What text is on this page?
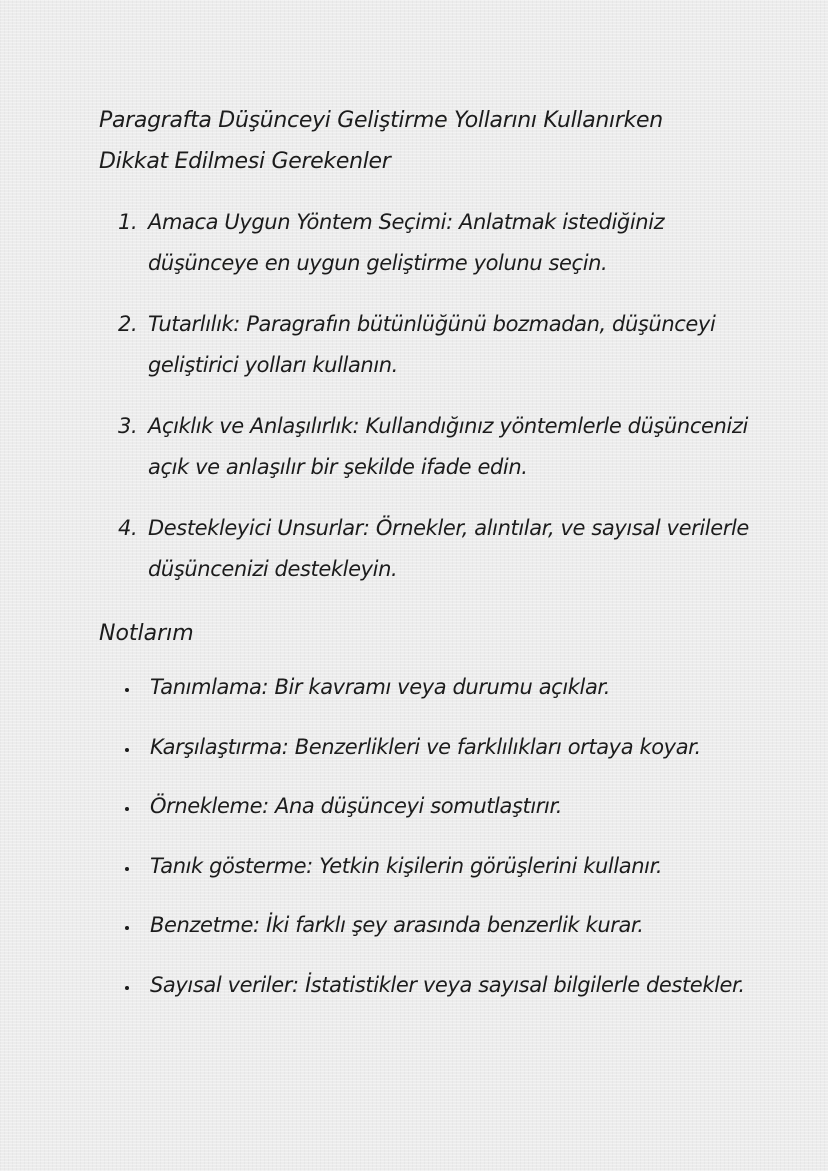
Paragrafta Düşünceyi Geliştirme Yollarını Kullanırken
Dikkat Edilmesi Gerekenler
1. Amaca Uygun Yöntem Seçimi: Anlatmak istediğiniz düşünceye en uygun geliştirme yolunu seçin.
2. Tutarlılık: Paragrafın bütünlüğünü bozmadan, düşünceyi geliştirici yolları kullanın.
3. Açıklık ve Anlaşılırlık: Kullandığınız yöntemlerle düşüncenizi açık ve anlaşılır bir şekilde ifade edin.
4. Destekleyici Unsurlar: Örnekler, alıntılar, ve sayısal verilerle düşüncenizi destekleyin.
Notlarım
Tanımlama: Bir kavramı veya durumu açıklar.
Karşılaştırma: Benzerlikleri ve farklılıkları ortaya koyar.
Örnekleme: Ana düşünceyi somutlaştırır.
Tanık gösterme: Yetkin kişilerin görüşlerini kullanır.
Benzetme: İki farklı şey arasında benzerlik kurar.
Sayısal veriler: İstatistikler veya sayısal bilgilerle destekler.
